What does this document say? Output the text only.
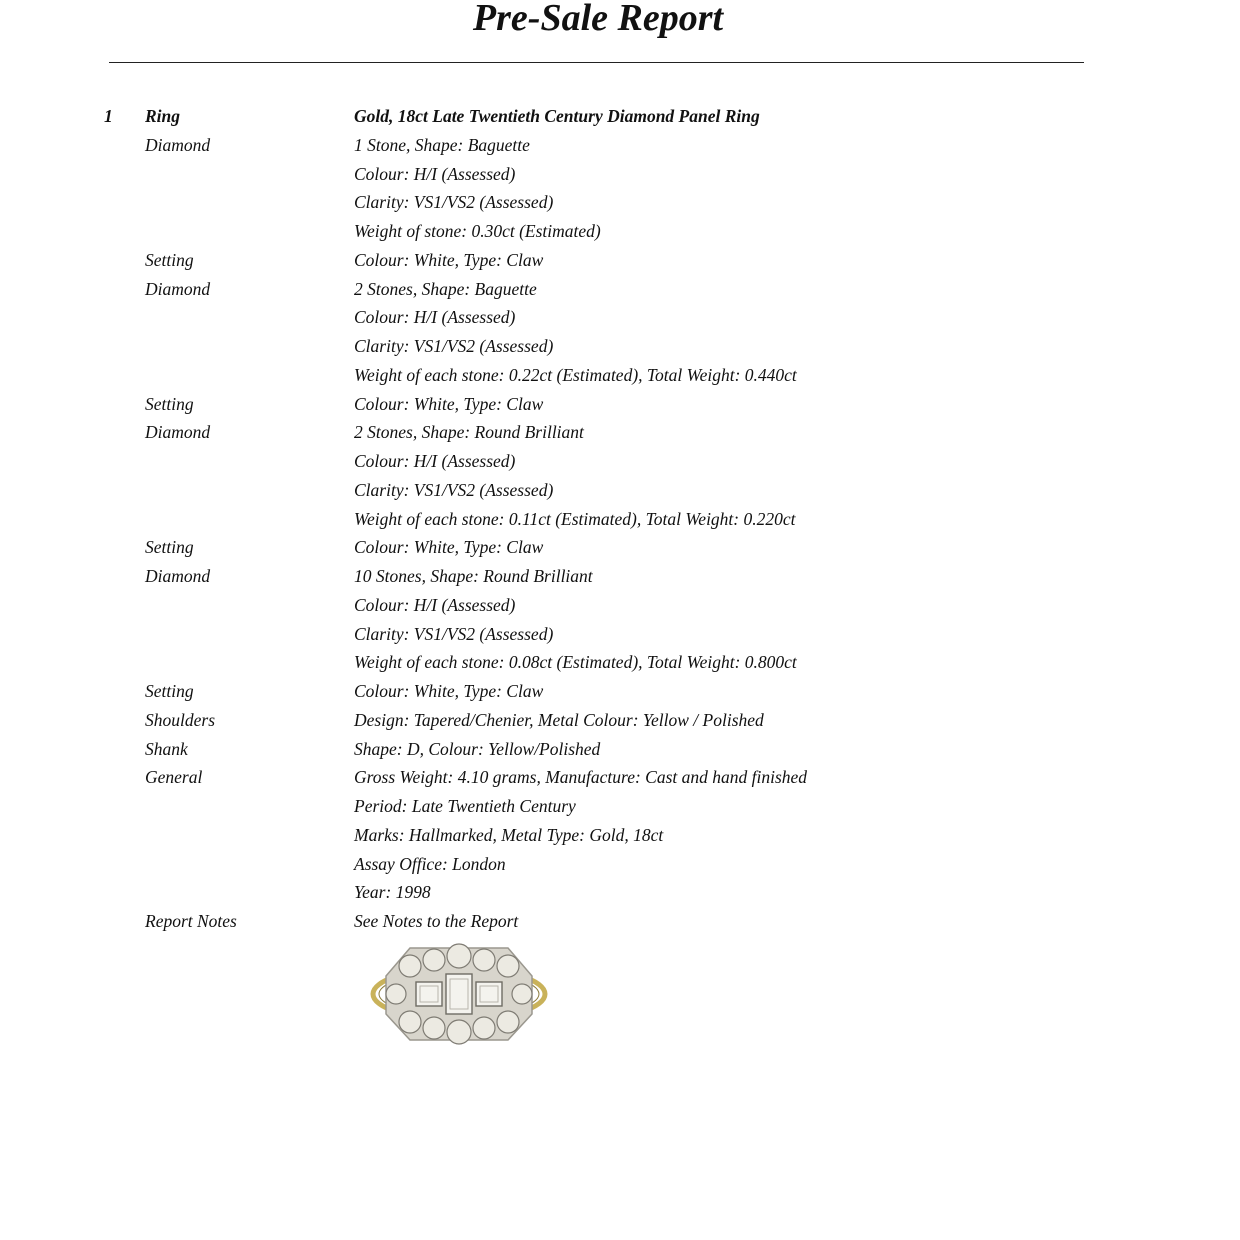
Pre-Sale Report
1 Ring	Gold, 18ct Late Twentieth Century Diamond Panel Ring
Diamond	1 Stone, Shape: Baguette
Colour: H/I (Assessed)
Clarity: VS1/VS2 (Assessed)
Weight of stone: 0.30ct (Estimated)
Setting	Colour: White, Type: Claw
Diamond	2 Stones, Shape: Baguette
Colour: H/I (Assessed)
Clarity: VS1/VS2 (Assessed)
Weight of each stone: 0.22ct (Estimated), Total Weight: 0.440ct
Setting	Colour: White, Type: Claw
Diamond	2 Stones, Shape: Round Brilliant
Colour: H/I (Assessed)
Clarity: VS1/VS2 (Assessed)
Weight of each stone: 0.11ct (Estimated), Total Weight: 0.220ct
Setting	Colour: White, Type: Claw
Diamond	10 Stones, Shape: Round Brilliant
Colour: H/I (Assessed)
Clarity: VS1/VS2 (Assessed)
Weight of each stone: 0.08ct (Estimated), Total Weight: 0.800ct
Setting	Colour: White, Type: Claw
Shoulders	Design: Tapered/Chenier, Metal Colour: Yellow / Polished
Shank	Shape: D, Colour: Yellow/Polished
General	Gross Weight: 4.10 grams, Manufacture: Cast and hand finished
Period: Late Twentieth Century
Marks: Hallmarked, Metal Type: Gold, 18ct
Assay Office: London
Year: 1998
Report Notes	See Notes to the Report
